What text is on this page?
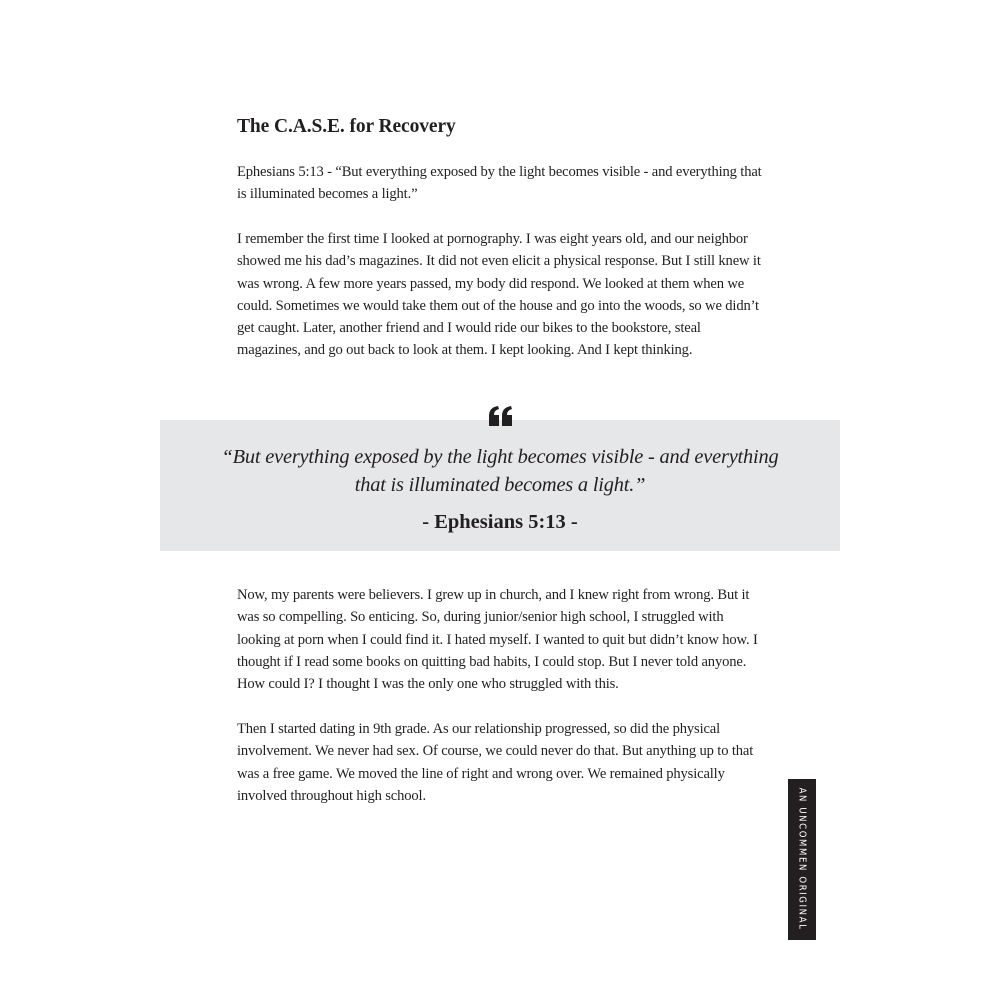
The C.A.S.E. for Recovery

Ephesians 5:13 - “But everything exposed by the light becomes visible - and everything that is illuminated becomes a light.”

I remember the first time I looked at pornography. I was eight years old, and our neighbor showed me his dad’s magazines. It did not even elicit a physical response. But I still knew it was wrong. A few more years passed, my body did respond. We looked at them when we could. Sometimes we would take them out of the house and go into the woods, so we didn’t get caught. Later, another friend and I would ride our bikes to the bookstore, steal magazines, and go out back to look at them. I kept looking. And I kept thinking.

“But everything exposed by the light becomes visible - and everything that is illuminated becomes a light.”

- Ephesians 5:13 -

Now, my parents were believers. I grew up in church, and I knew right from wrong. But it was so compelling. So enticing. So, during junior/senior high school, I struggled with looking at porn when I could find it. I hated myself. I wanted to quit but didn’t know how. I thought if I read some books on quitting bad habits, I could stop. But I never told anyone. How could I? I thought I was the only one who struggled with this.

Then I started dating in 9th grade. As our relationship progressed, so did the physical involvement. We never had sex. Of course, we could never do that. But anything up to that was a free game. We moved the line of right and wrong over. We remained physically involved throughout high school.	AN UNCOMMEN ORIGINAL
